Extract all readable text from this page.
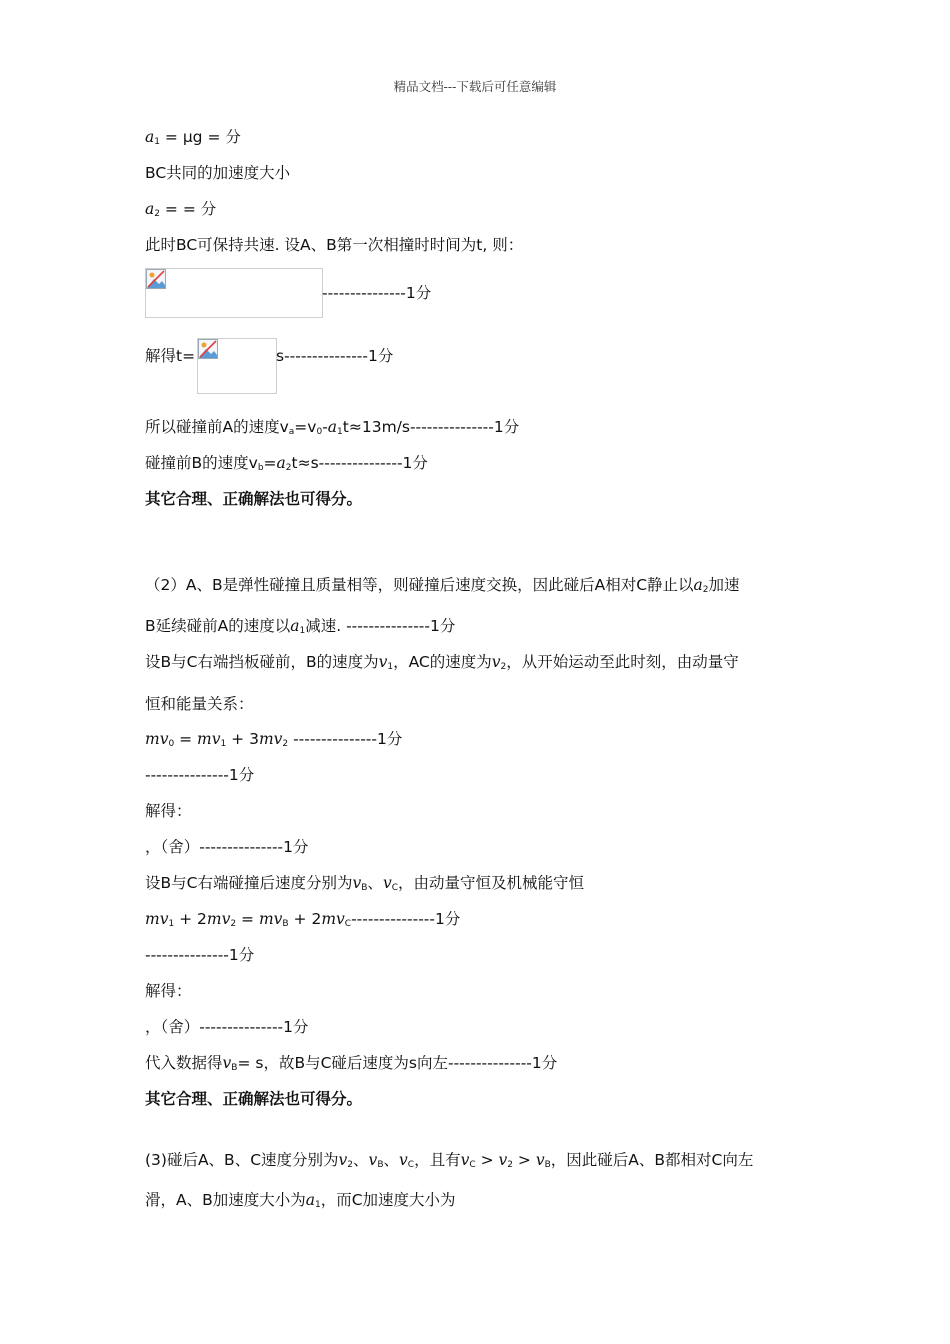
精品文档---下载后可任意编辑
$a_1 = \mu g$ = 分
BC共同的加速度大小
$a_2$ = = 分
此时BC可保持共速. 设A、B第一次相撞时时间为t, 则：
---------------1分
解得t=	s---------------1分
所以碰撞前A的速度$v_a=v_0-a_1t\approx 13m/s---------------1$分
碰撞前B的速度$v_b=a_2t\approx s---------------1$分
其它合理、正确解法也可得分。
（2）A、B是弹性碰撞且质量相等，则碰撞后速度交换，因此碰后A相对C静止以$a_2$加速
B延续碰前A的速度以$a_1$减速. ---------------1分
设B与C右端挡板碰前，B的速度为$v_1$，AC的速度为$v_2$，从开始运动至此时刻，由动量守
恒和能量关系：
$mv_0 = mv_1 + 3mv_2$ ---------------1分
---------------1分
解得：
，（舍）---------------1分
设B与C右端碰撞后速度分别为$v_B$、$v_C$，由动量守恒及机械能守恒
$mv_1 + 2mv_2 = mv_B + 2mv_C---------------1$分
---------------1分
解得：
，（舍）---------------1分
代入数据得$v_B= s$，故B与C碰后速度为s向左---------------1分
其它合理、正确解法也可得分。
(3)碰后A、B、C速度分别为$v_2$、$v_B$、$v_C$，且有$v_C > v_2 > v_B$，因此碰后A、B都相对C向左
滑，A、B加速度大小为$a_1$，而C加速度大小为
